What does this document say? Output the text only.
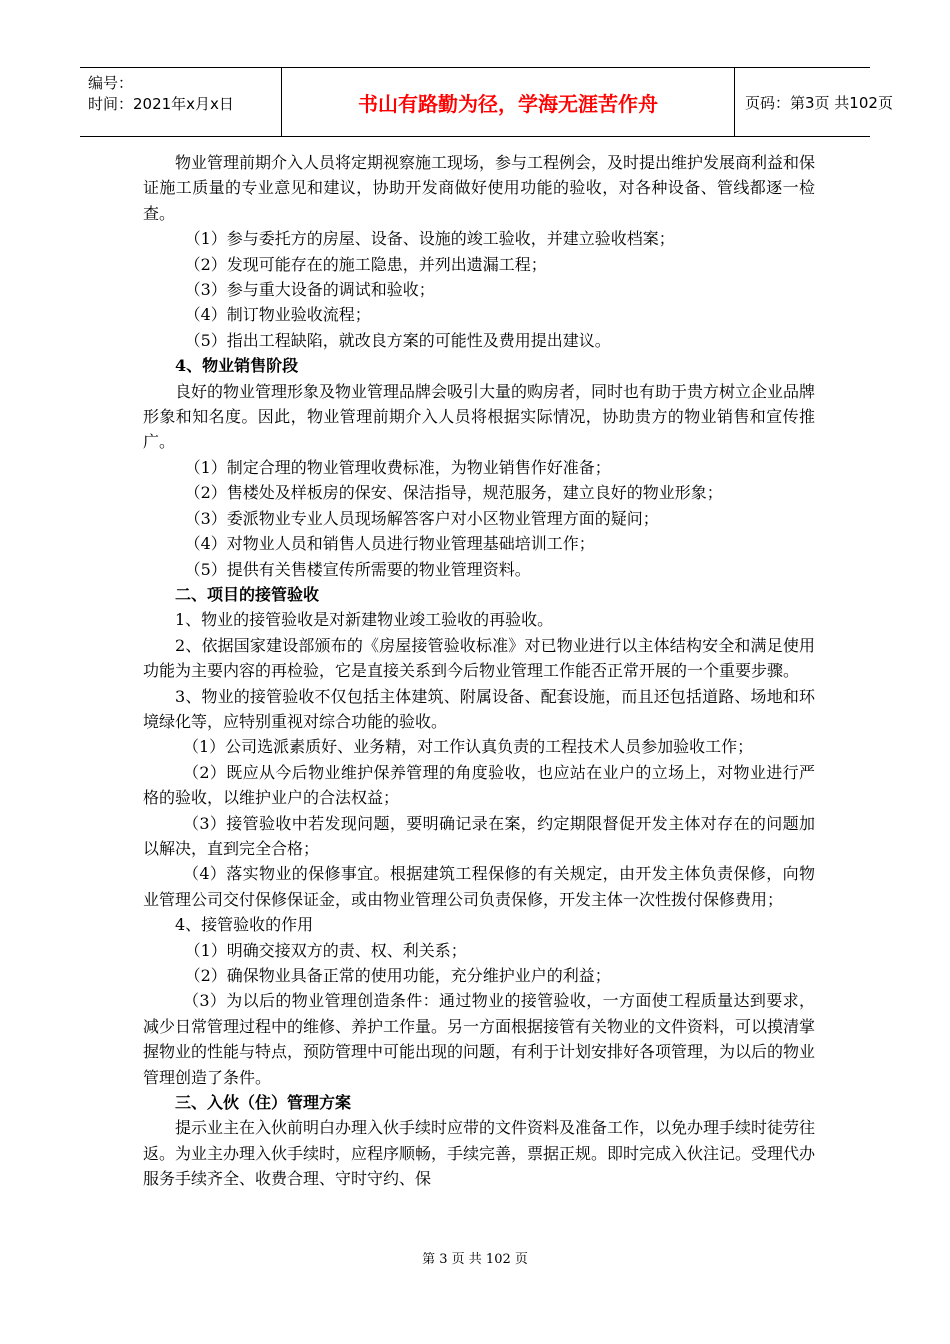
编号：
时间：2021年x月x日	书山有路勤为径，学海无涯苦作舟	页码：第3页 共102页

物业管理前期介入人员将定期视察施工现场，参与工程例会，及时提出维护发展商利益和保证施工质量的专业意见和建议，协助开发商做好使用功能的验收，对各种设备、管线都逐一检查。

（1）参与委托方的房屋、设备、设施的竣工验收，并建立验收档案；

（2）发现可能存在的施工隐患，并列出遗漏工程；

（3）参与重大设备的调试和验收；

（4）制订物业验收流程；

（5）指出工程缺陷，就改良方案的可能性及费用提出建议。

4、物业销售阶段

良好的物业管理形象及物业管理品牌会吸引大量的购房者，同时也有助于贵方树立企业品牌形象和知名度。因此，物业管理前期介入人员将根据实际情况，协助贵方的物业销售和宣传推广。

（1）制定合理的物业管理收费标准，为物业销售作好准备；

（2）售楼处及样板房的保安、保洁指导，规范服务，建立良好的物业形象；

（3）委派物业专业人员现场解答客户对小区物业管理方面的疑问；

（4）对物业人员和销售人员进行物业管理基础培训工作；

（5）提供有关售楼宣传所需要的物业管理资料。

二、项目的接管验收

1、物业的接管验收是对新建物业竣工验收的再验收。

2、依据国家建设部颁布的《房屋接管验收标准》对已物业进行以主体结构安全和满足使用功能为主要内容的再检验，它是直接关系到今后物业管理工作能否正常开展的一个重要步骤。

3、物业的接管验收不仅包括主体建筑、附属设备、配套设施，而且还包括道路、场地和环境绿化等，应特别重视对综合功能的验收。

（1）公司选派素质好、业务精，对工作认真负责的工程技术人员参加验收工作；

（2）既应从今后物业维护保养管理的角度验收，也应站在业户的立场上，对物业进行严格的验收，以维护业户的合法权益；

（3）接管验收中若发现问题，要明确记录在案，约定期限督促开发主体对存在的问题加以解决，直到完全合格；

（4）落实物业的保修事宜。根据建筑工程保修的有关规定，由开发主体负责保修，向物业管理公司交付保修保证金，或由物业管理公司负责保修，开发主体一次性拨付保修费用；

4、接管验收的作用

（1）明确交接双方的责、权、利关系；

（2）确保物业具备正常的使用功能，充分维护业户的利益；

（3）为以后的物业管理创造条件：通过物业的接管验收，一方面使工程质量达到要求，减少日常管理过程中的维修、养护工作量。另一方面根据接管有关物业的文件资料，可以摸清掌握物业的性能与特点，预防管理中可能出现的问题，有利于计划安排好各项管理，为以后的物业管理创造了条件。

三、入伙（住）管理方案

提示业主在入伙前明白办理入伙手续时应带的文件资料及准备工作，以免办理手续时徒劳往返。为业主办理入伙手续时，应程序顺畅，手续完善，票据正规。即时完成入伙注记。受理代办服务手续齐全、收费合理、守时守约、保

第 3 页 共 102 页
